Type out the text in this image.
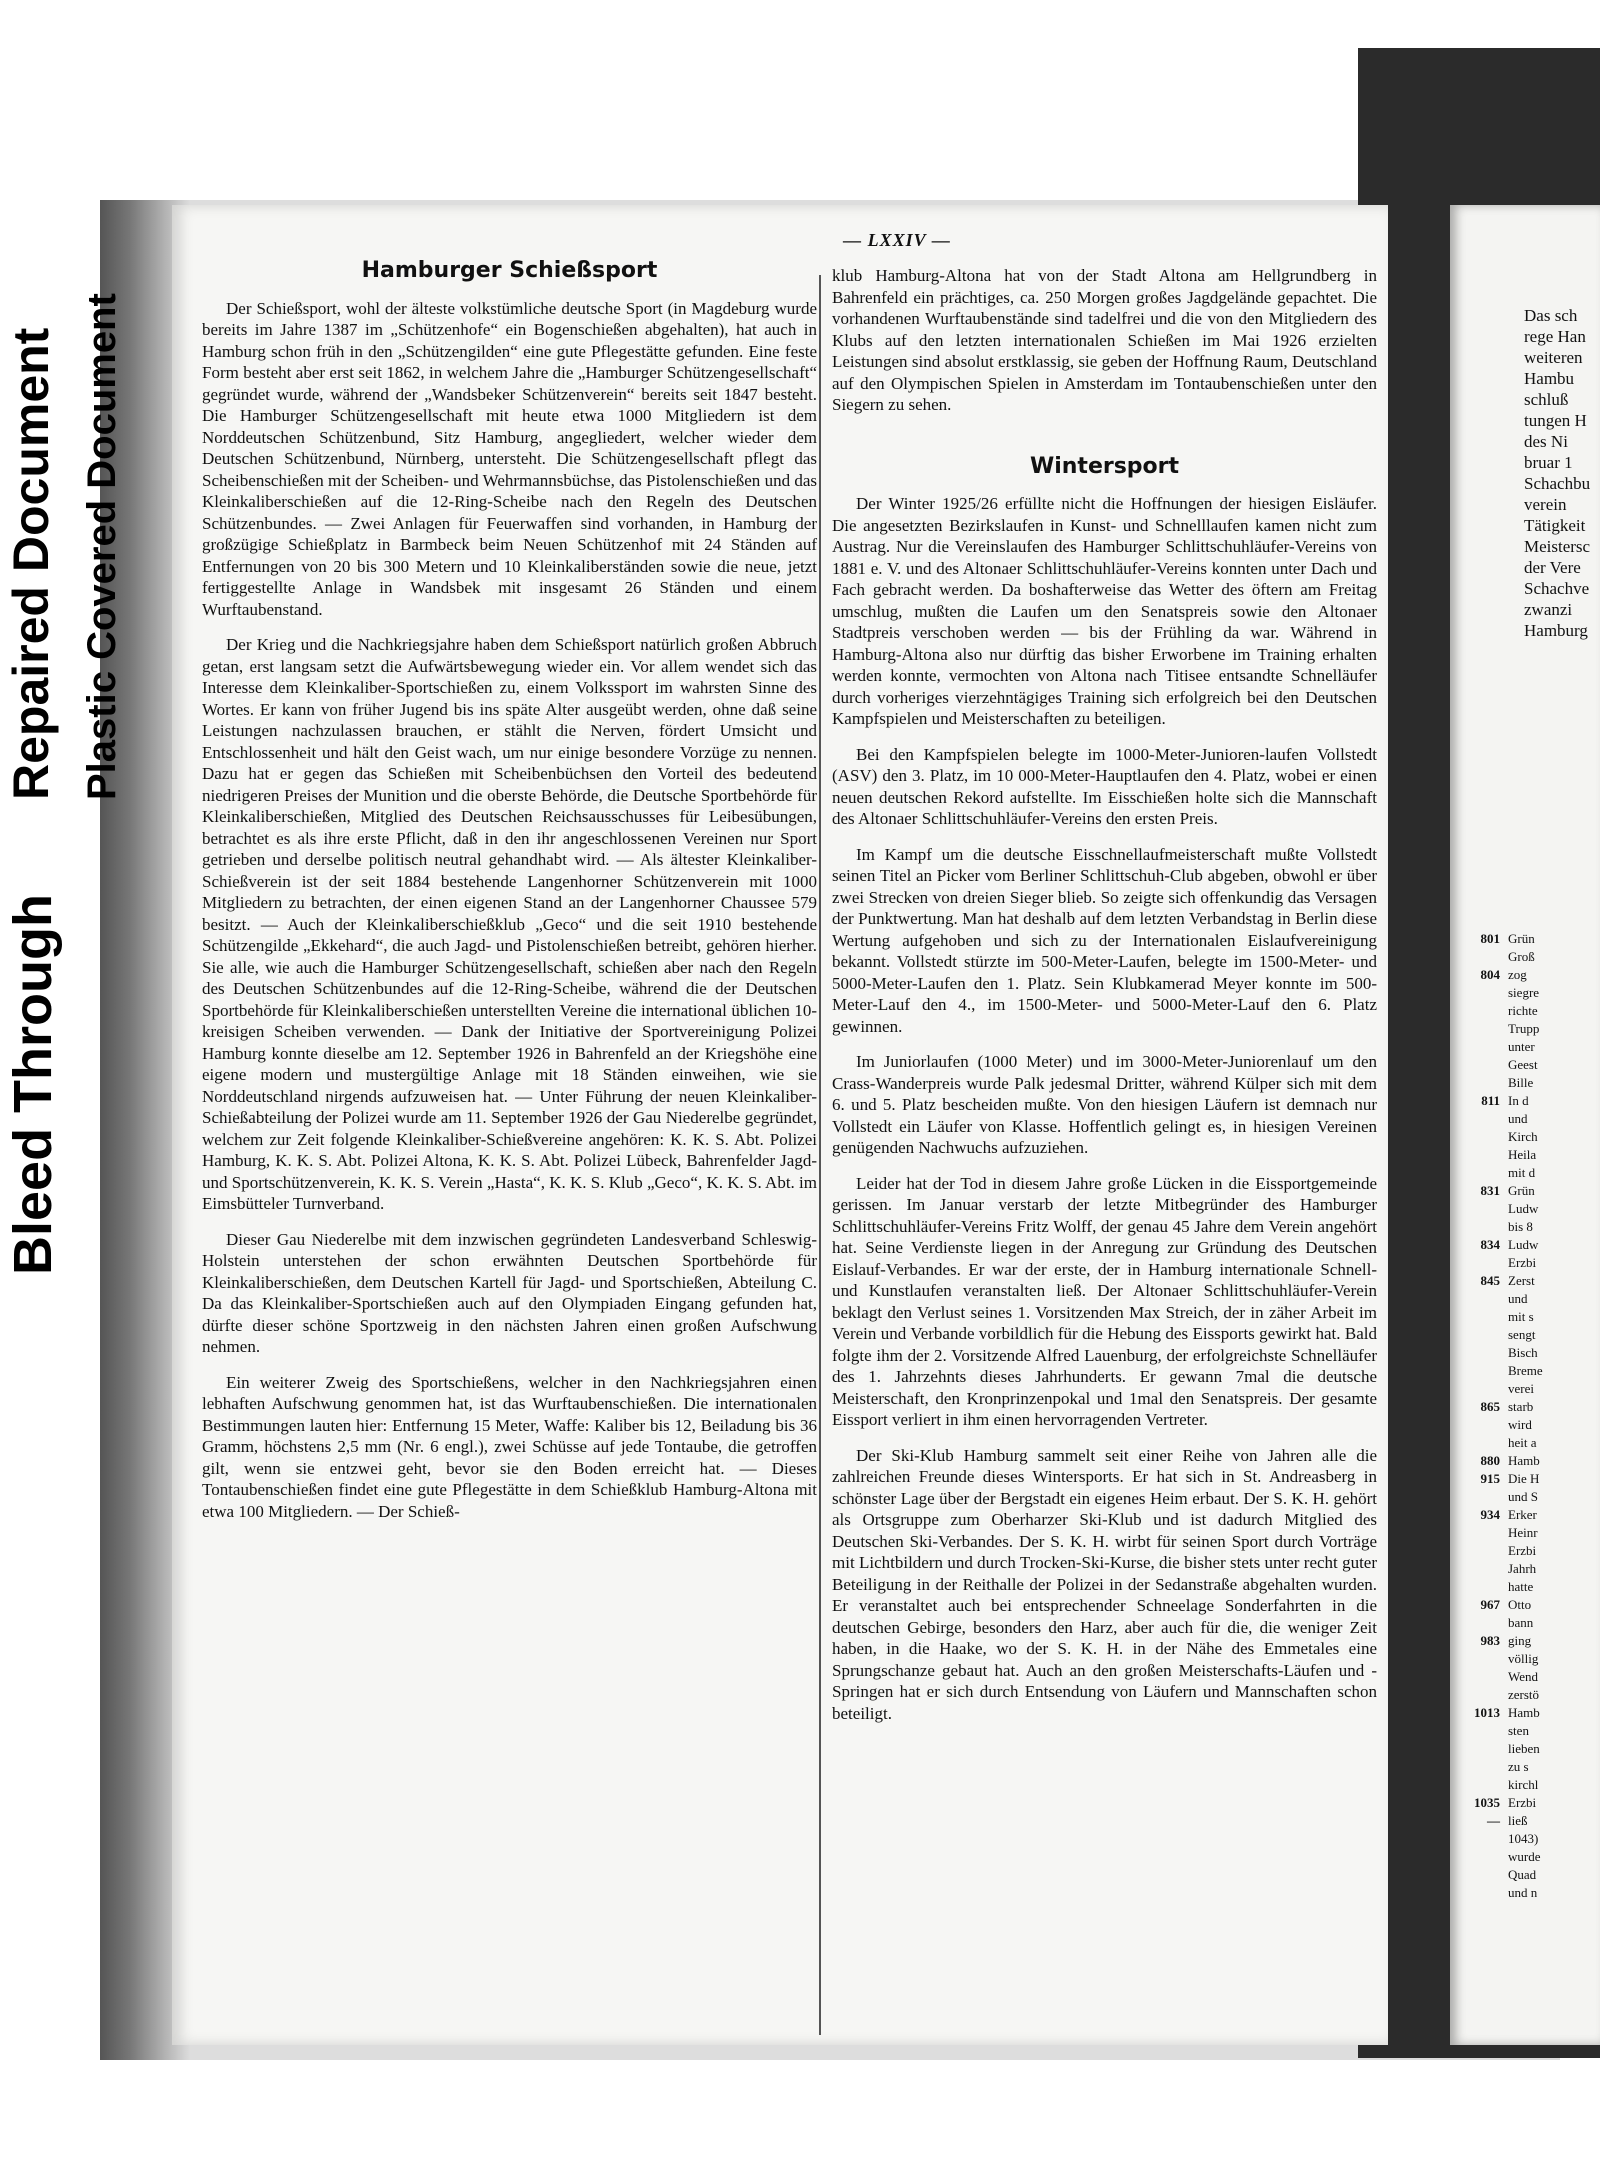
Bleed Through
Repaired Document Plastic Covered Document
— LXXIV —
Hamburger Schießsport

Der Schießsport, wohl der älteste volkstümliche deutsche Sport (in Magdeburg wurde bereits im Jahre 1387 im „Schützenhofe“ ein Bogenschießen abgehalten), hat auch in Hamburg schon früh in den „Schützengilden“ eine gute Pflegestätte gefunden. Eine feste Form besteht aber erst seit 1862, in welchem Jahre die „Hamburger Schützengesellschaft“ gegründet wurde, während der „Wandsbeker Schützenverein“ bereits seit 1847 besteht. Die Hamburger Schützengesellschaft mit heute etwa 1000 Mitgliedern ist dem Norddeutschen Schützenbund, Sitz Hamburg, angegliedert, welcher wieder dem Deutschen Schützenbund, Nürnberg, untersteht. Die Schützengesellschaft pflegt das Scheibenschießen mit der Scheiben- und Wehrmannsbüchse, das Pistolenschießen und das Kleinkaliberschießen auf die 12-Ring-Scheibe nach den Regeln des Deutschen Schützenbundes. — Zwei Anlagen für Feuerwaffen sind vorhanden, in Hamburg der großzügige Schießplatz in Barmbeck beim Neuen Schützenhof mit 24 Ständen auf Entfernungen von 20 bis 300 Metern und 10 Kleinkaliberständen sowie die neue, jetzt fertiggestellte Anlage in Wandsbek mit insgesamt 26 Ständen und einem Wurftaubenstand.

Der Krieg und die Nachkriegsjahre haben dem Schießsport natürlich großen Abbruch getan, erst langsam setzt die Aufwärtsbewegung wieder ein. Vor allem wendet sich das Interesse dem Kleinkaliber-Sportschießen zu, einem Volkssport im wahrsten Sinne des Wortes. Er kann von früher Jugend bis ins späte Alter ausgeübt werden, ohne daß seine Leistungen nachzulassen brauchen, er stählt die Nerven, fördert Umsicht und Entschlossenheit und hält den Geist wach, um nur einige besondere Vorzüge zu nennen. Dazu hat er gegen das Schießen mit Scheibenbüchsen den Vorteil des bedeutend niedrigeren Preises der Munition und die oberste Behörde, die Deutsche Sportbehörde für Kleinkaliberschießen, Mitglied des Deutschen Reichsausschusses für Leibesübungen, betrachtet es als ihre erste Pflicht, daß in den ihr angeschlossenen Vereinen nur Sport getrieben und derselbe politisch neutral gehandhabt wird. — Als ältester Kleinkaliber-Schießverein ist der seit 1884 bestehende Langenhorner Schützenverein mit 1000 Mitgliedern zu betrachten, der einen eigenen Stand an der Langenhorner Chaussee 579 besitzt. — Auch der Kleinkaliberschießklub „Geco“ und die seit 1910 bestehende Schützengilde „Ekkehard“, die auch Jagd- und Pistolenschießen betreibt, gehören hierher. Sie alle, wie auch die Hamburger Schützengesellschaft, schießen aber nach den Regeln des Deutschen Schützenbundes auf die 12-Ring-Scheibe, während die der Deutschen Sportbehörde für Kleinkaliberschießen unterstellten Vereine die international üblichen 10-kreisigen Scheiben verwenden. — Dank der Initiative der Sportvereinigung Polizei Hamburg konnte dieselbe am 12. September 1926 in Bahrenfeld an der Kriegshöhe eine eigene modern und mustergültige Anlage mit 18 Ständen einweihen, wie sie Norddeutschland nirgends aufzuweisen hat. — Unter Führung der neuen Kleinkaliber-Schießabteilung der Polizei wurde am 11. September 1926 der Gau Niederelbe gegründet, welchem zur Zeit folgende Kleinkaliber-Schießvereine angehören: K. K. S. Abt. Polizei Hamburg, K. K. S. Abt. Polizei Altona, K. K. S. Abt. Polizei Lübeck, Bahrenfelder Jagd- und Sportschützenverein, K. K. S. Verein „Hasta“, K. K. S. Klub „Geco“, K. K. S. Abt. im Eimsbütteler Turnverband.

Dieser Gau Niederelbe mit dem inzwischen gegründeten Landesverband Schleswig-Holstein unterstehen der schon erwähnten Deutschen Sportbehörde für Kleinkaliberschießen, dem Deutschen Kartell für Jagd- und Sportschießen, Abteilung C. Da das Kleinkaliber-Sportschießen auch auf den Olympiaden Eingang gefunden hat, dürfte dieser schöne Sportzweig in den nächsten Jahren einen großen Aufschwung nehmen.

Ein weiterer Zweig des Sportschießens, welcher in den Nachkriegsjahren einen lebhaften Aufschwung genommen hat, ist das Wurftaubenschießen. Die internationalen Bestimmungen lauten hier: Entfernung 15 Meter, Waffe: Kaliber bis 12, Beiladung bis 36 Gramm, höchstens 2,5 mm (Nr. 6 engl.), zwei Schüsse auf jede Tontaube, die getroffen gilt, wenn sie entzwei geht, bevor sie den Boden erreicht hat. — Dieses Tontaubenschießen findet eine gute Pflegestätte in dem Schießklub Hamburg-Altona mit etwa 100 Mitgliedern. — Der Schieß-

klub Hamburg-Altona hat von der Stadt Altona am Hellgrundberg in Bahrenfeld ein prächtiges, ca. 250 Morgen großes Jagdgelände gepachtet. Die vorhandenen Wurftaubenstände sind tadelfrei und die von den Mitgliedern des Klubs auf den letzten internationalen Schießen im Mai 1926 erzielten Leistungen sind absolut erstklassig, sie geben der Hoffnung Raum, Deutschland auf den Olympischen Spielen in Amsterdam im Tontaubenschießen unter den Siegern zu sehen.

Wintersport

Der Winter 1925/26 erfüllte nicht die Hoffnungen der hiesigen Eisläufer. Die angesetzten Bezirkslaufen in Kunst- und Schnelllaufen kamen nicht zum Austrag. Nur die Vereinslaufen des Hamburger Schlittschuhläufer-Vereins von 1881 e. V. und des Altonaer Schlittschuhläufer-Vereins konnten unter Dach und Fach gebracht werden. Da boshafterweise das Wetter des öftern am Freitag umschlug, mußten die Laufen um den Senatspreis sowie den Altonaer Stadtpreis verschoben werden — bis der Frühling da war. Während in Hamburg-Altona also nur dürftig das bisher Erworbene im Training erhalten werden konnte, vermochten von Altona nach Titisee entsandte Schnelläufer durch vorheriges vierzehntägiges Training sich erfolgreich bei den Deutschen Kampfspielen und Meisterschaften zu beteiligen.

Bei den Kampfspielen belegte im 1000-Meter-Junioren-laufen Vollstedt (ASV) den 3. Platz, im 10 000-Meter-Hauptlaufen den 4. Platz, wobei er einen neuen deutschen Rekord aufstellte. Im Eisschießen holte sich die Mannschaft des Altonaer Schlittschuhläufer-Vereins den ersten Preis.

Im Kampf um die deutsche Eisschnellaufmeisterschaft mußte Vollstedt seinen Titel an Picker vom Berliner Schlittschuh-Club abgeben, obwohl er über zwei Strecken von dreien Sieger blieb. So zeigte sich offenkundig das Versagen der Punktwertung. Man hat deshalb auf dem letzten Verbandstag in Berlin diese Wertung aufgehoben und sich zu der Internationalen Eislaufvereinigung bekannt. Vollstedt stürzte im 500-Meter-Laufen, belegte im 1500-Meter- und 5000-Meter-Laufen den 1. Platz. Sein Klubkamerad Meyer konnte im 500-Meter-Lauf den 4., im 1500-Meter- und 5000-Meter-Lauf den 6. Platz gewinnen.

Im Juniorlaufen (1000 Meter) und im 3000-Meter-Juniorenlauf um den Crass-Wanderpreis wurde Palk jedesmal Dritter, während Külper sich mit dem 6. und 5. Platz bescheiden mußte. Von den hiesigen Läufern ist demnach nur Vollstedt ein Läufer von Klasse. Hoffentlich gelingt es, in hiesigen Vereinen genügenden Nachwuchs aufzuziehen.

Leider hat der Tod in diesem Jahre große Lücken in die Eissportgemeinde gerissen. Im Januar verstarb der letzte Mitbegründer des Hamburger Schlittschuhläufer-Vereins Fritz Wolff, der genau 45 Jahre dem Verein angehört hat. Seine Verdienste liegen in der Anregung zur Gründung des Deutschen Eislauf-Verbandes. Er war der erste, der in Hamburg internationale Schnell- und Kunstlaufen veranstalten ließ. Der Altonaer Schlittschuhläufer-Verein beklagt den Verlust seines 1. Vorsitzenden Max Streich, der in zäher Arbeit im Verein und Verbande vorbildlich für die Hebung des Eissports gewirkt hat. Bald folgte ihm der 2. Vorsitzende Alfred Lauenburg, der erfolgreichste Schnelläufer des 1. Jahrzehnts dieses Jahrhunderts. Er gewann 7mal die deutsche Meisterschaft, den Kronprinzenpokal und 1mal den Senatspreis. Der gesamte Eissport verliert in ihm einen hervorragenden Vertreter.

Der Ski-Klub Hamburg sammelt seit einer Reihe von Jahren alle die zahlreichen Freunde dieses Wintersports. Er hat sich in St. Andreasberg in schönster Lage über der Bergstadt ein eigenes Heim erbaut. Der S. K. H. gehört als Ortsgruppe zum Oberharzer Ski-Klub und ist dadurch Mitglied des Deutschen Ski-Verbandes. Der S. K. H. wirbt für seinen Sport durch Vorträge mit Lichtbildern und durch Trocken-Ski-Kurse, die bisher stets unter recht guter Beteiligung in der Reithalle der Polizei in der Sedanstraße abgehalten wurden. Er veranstaltet auch bei entsprechender Schneelage Sonderfahrten in die deutschen Gebirge, besonders den Harz, aber auch für die, die weniger Zeit haben, in die Haake, wo der S. K. H. in der Nähe des Emmetales eine Sprungschanze gebaut hat. Auch an den großen Meisterschafts-Läufen und -Springen hat er sich durch Entsendung von Läufern und Mannschaften schon beteiligt.

Das sch
rege Han
weiteren
Hambu
schluß
tungen H
des Ni
bruar 1
Schachbu
verein
Tätigkeit
Meistersc
der Vere
Schachve
zwanzi
Hamburg
801 Grün
Groß
804 zog
siegre
richte
Trupp
unter
Geest
Bille
811 In d
und
Kirch
Heila
mit d
831 Grün
Ludw
bis 8
834 Ludw
Erzbi
845 Zerst
und
mit s
sengt
Bisch
Breme
verei
865 starb
wird
heit a
880 Hamb
915 Die H
und S
934 Erker
Heinr
Erzbi
Jahrh
hatte
967 Otto
bann
983 ging
völlig
Wend
zerstö
1013 Hamb
sten
lieben
zu s
kirchl
1035 Erzbi
— ließ
1043)
wurde
Quad
und n
